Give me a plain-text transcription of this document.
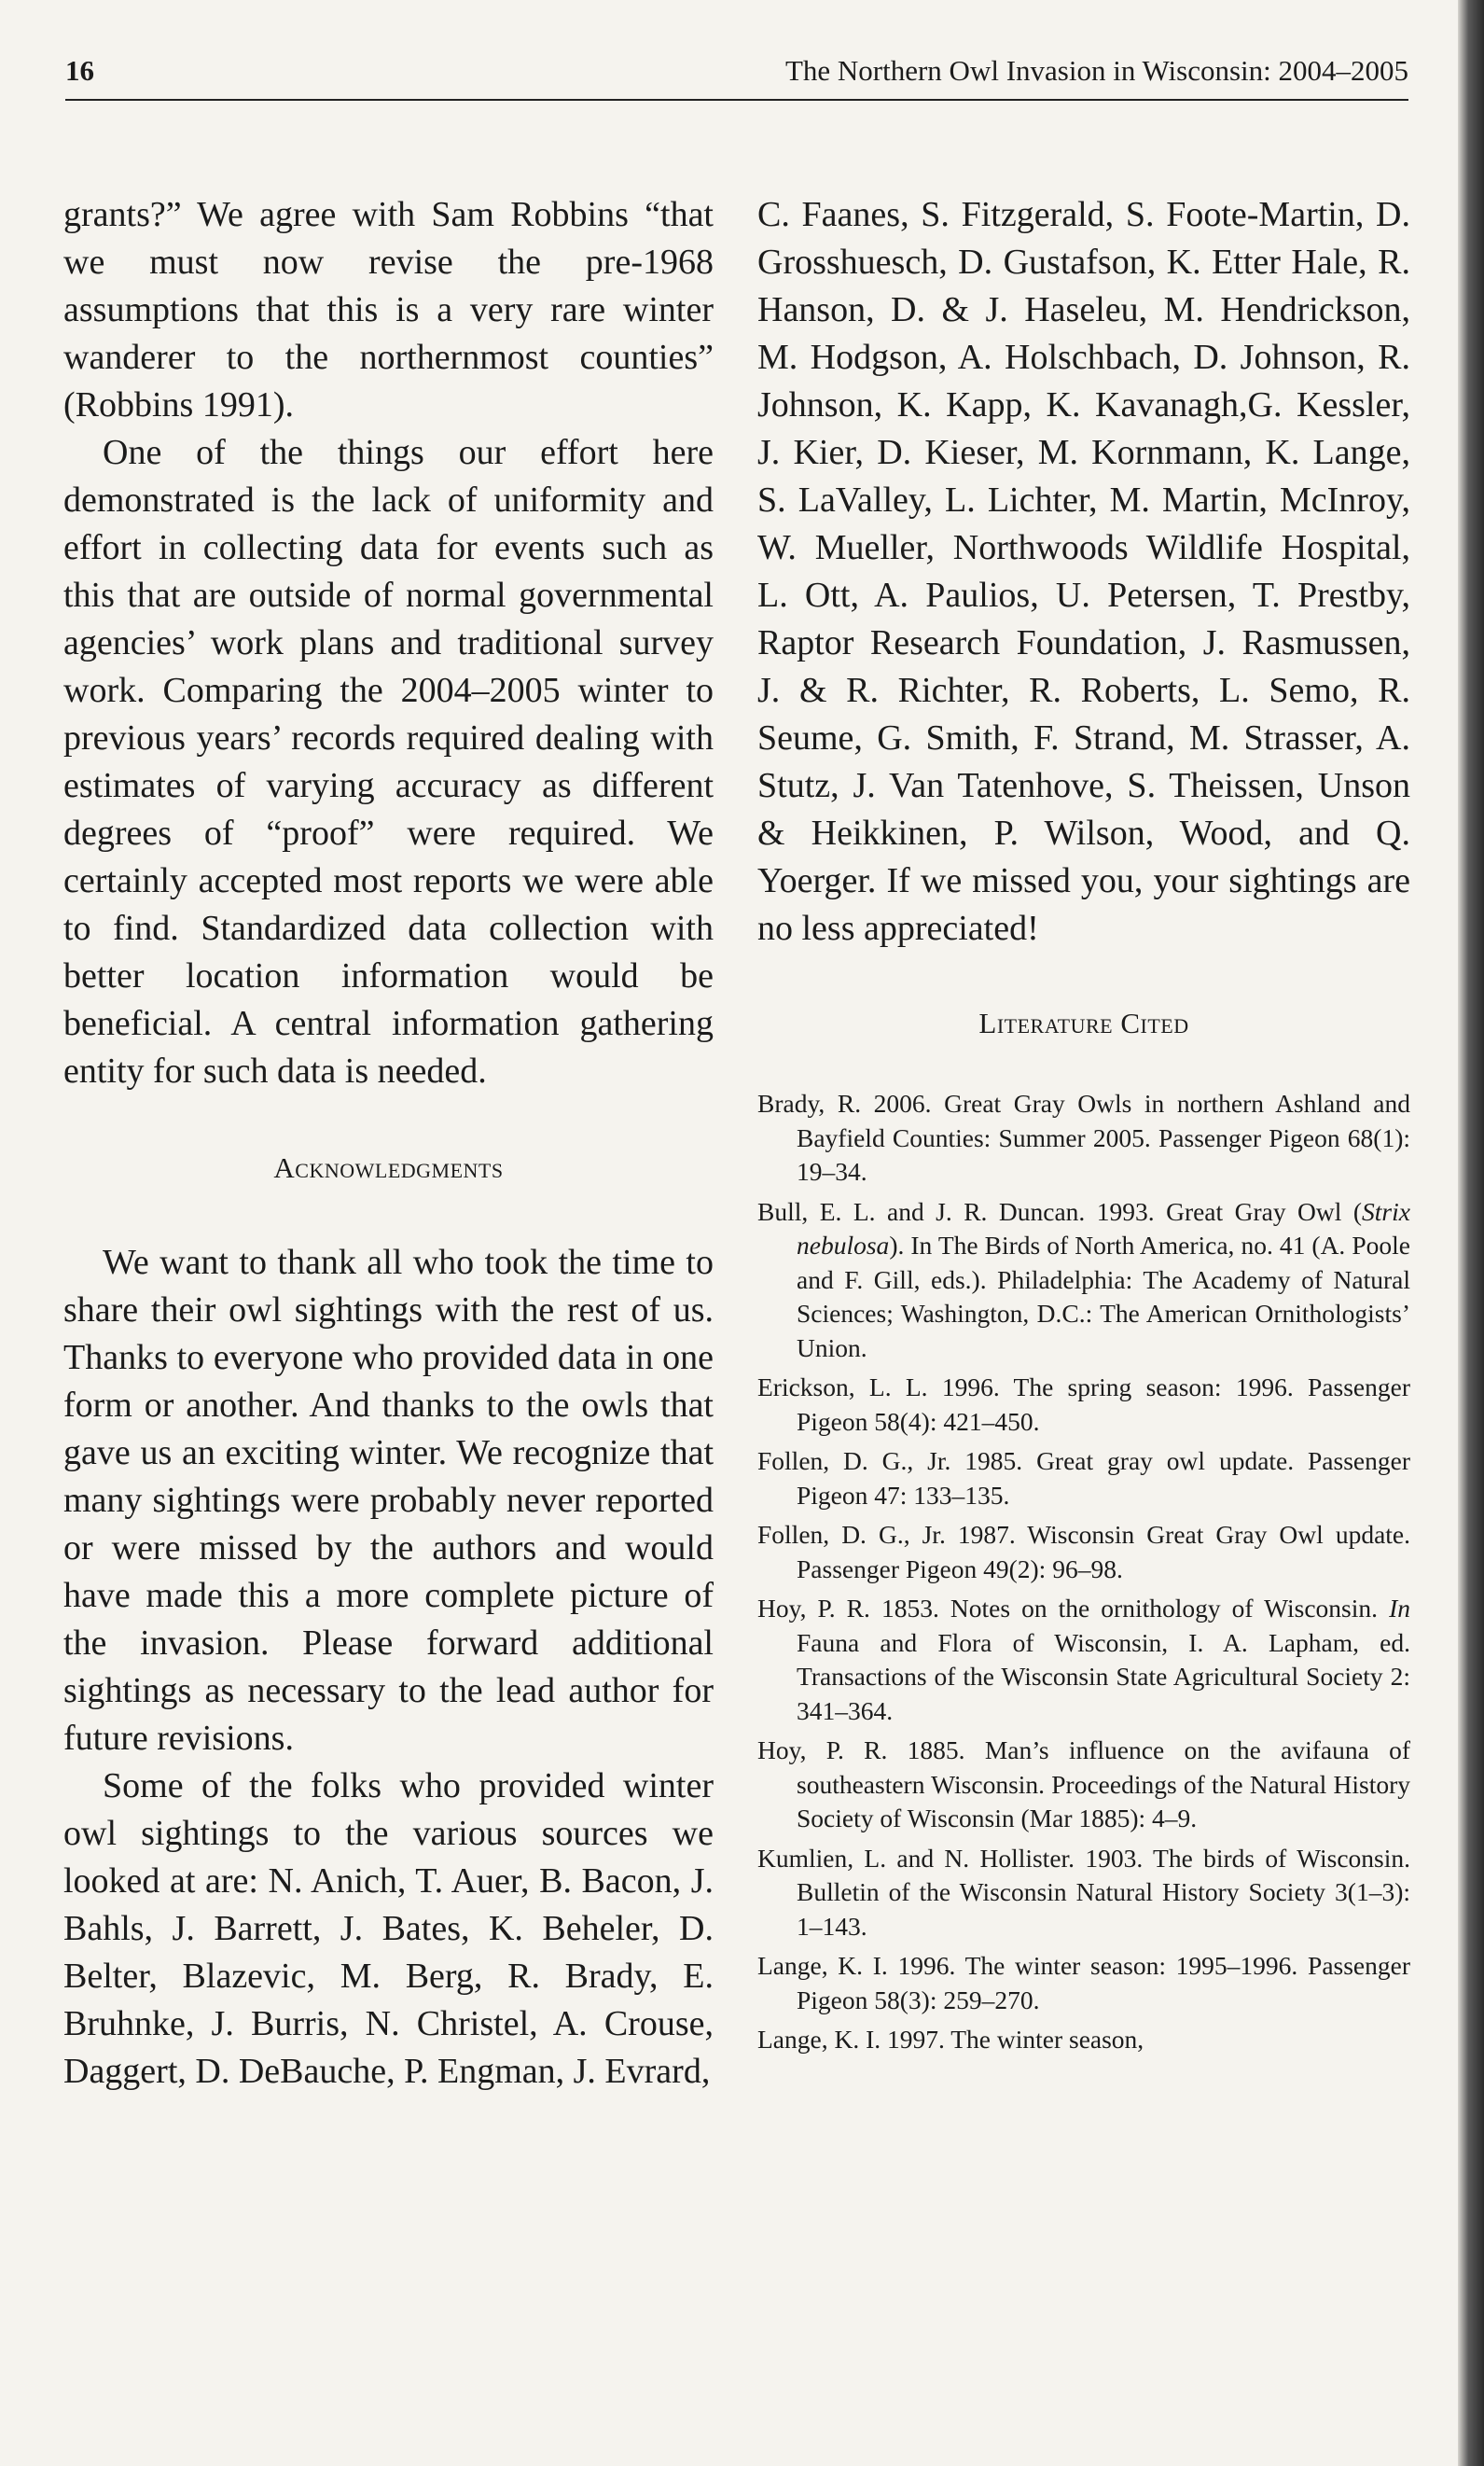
16	The Northern Owl Invasion in Wisconsin: 2004–2005

grants?” We agree with Sam Robbins “that we must now revise the pre-1968 assumptions that this is a very rare winter wanderer to the northernmost counties” (Robbins 1991).

One of the things our effort here demonstrated is the lack of uniformity and effort in collecting data for events such as this that are outside of normal governmental agencies’ work plans and traditional survey work. Comparing the 2004–2005 winter to previous years’ records required dealing with estimates of varying accuracy as different degrees of “proof” were required. We certainly accepted most reports we were able to find. Standardized data collection with better location information would be beneficial. A central information gathering entity for such data is needed.

Acknowledgments

We want to thank all who took the time to share their owl sightings with the rest of us. Thanks to everyone who provided data in one form or another. And thanks to the owls that gave us an exciting winter. We recognize that many sightings were probably never reported or were missed by the authors and would have made this a more complete picture of the invasion. Please forward additional sightings as necessary to the lead author for future revisions.

Some of the folks who provided winter owl sightings to the various sources we looked at are: N. Anich, T. Auer, B. Bacon, J. Bahls, J. Barrett, J. Bates, K. Beheler, D. Belter, Blazevic, M. Berg, R. Brady, E. Bruhnke, J. Burris, N. Christel, A. Crouse, Daggert, D. DeBauche, P. Engman, J. Evrard,

C. Faanes, S. Fitzgerald, S. Foote-Martin, D. Grosshuesch, D. Gustafson, K. Etter Hale, R. Hanson, D. & J. Haseleu, M. Hendrickson, M. Hodgson, A. Holschbach, D. Johnson, R. Johnson, K. Kapp, K. Kavanagh,G. Kessler, J. Kier, D. Kieser, M. Kornmann, K. Lange, S. LaValley, L. Lichter, M. Martin, McInroy, W. Mueller, Northwoods Wildlife Hospital, L. Ott, A. Paulios, U. Petersen, T. Prestby, Raptor Research Foundation, J. Rasmussen, J. & R. Richter, R. Roberts, L. Semo, R. Seume, G. Smith, F. Strand, M. Strasser, A. Stutz, J. Van Tatenhove, S. Theissen, Unson & Heikkinen, P. Wilson, Wood, and Q. Yoerger. If we missed you, your sightings are no less appreciated!

Literature Cited

Brady, R. 2006. Great Gray Owls in northern Ashland and Bayfield Counties: Summer 2005. Passenger Pigeon 68(1): 19–34.

Bull, E. L. and J. R. Duncan. 1993. Great Gray Owl (Strix nebulosa). In The Birds of North America, no. 41 (A. Poole and F. Gill, eds.). Philadelphia: The Academy of Natural Sciences; Washington, D.C.: The American Ornithologists’ Union.

Erickson, L. L. 1996. The spring season: 1996. Passenger Pigeon 58(4): 421–450.

Follen, D. G., Jr. 1985. Great gray owl update. Passenger Pigeon 47: 133–135.

Follen, D. G., Jr. 1987. Wisconsin Great Gray Owl update. Passenger Pigeon 49(2): 96–98.

Hoy, P. R. 1853. Notes on the ornithology of Wisconsin. In Fauna and Flora of Wisconsin, I. A. Lapham, ed. Transactions of the Wisconsin State Agricultural Society 2: 341–364.

Hoy, P. R. 1885. Man’s influence on the avifauna of southeastern Wisconsin. Proceedings of the Natural History Society of Wisconsin (Mar 1885): 4–9.

Kumlien, L. and N. Hollister. 1903. The birds of Wisconsin. Bulletin of the Wisconsin Natural History Society 3(1–3): 1–143.

Lange, K. I. 1996. The winter season: 1995–1996. Passenger Pigeon 58(3): 259–270.

Lange, K. I. 1997. The winter season,
